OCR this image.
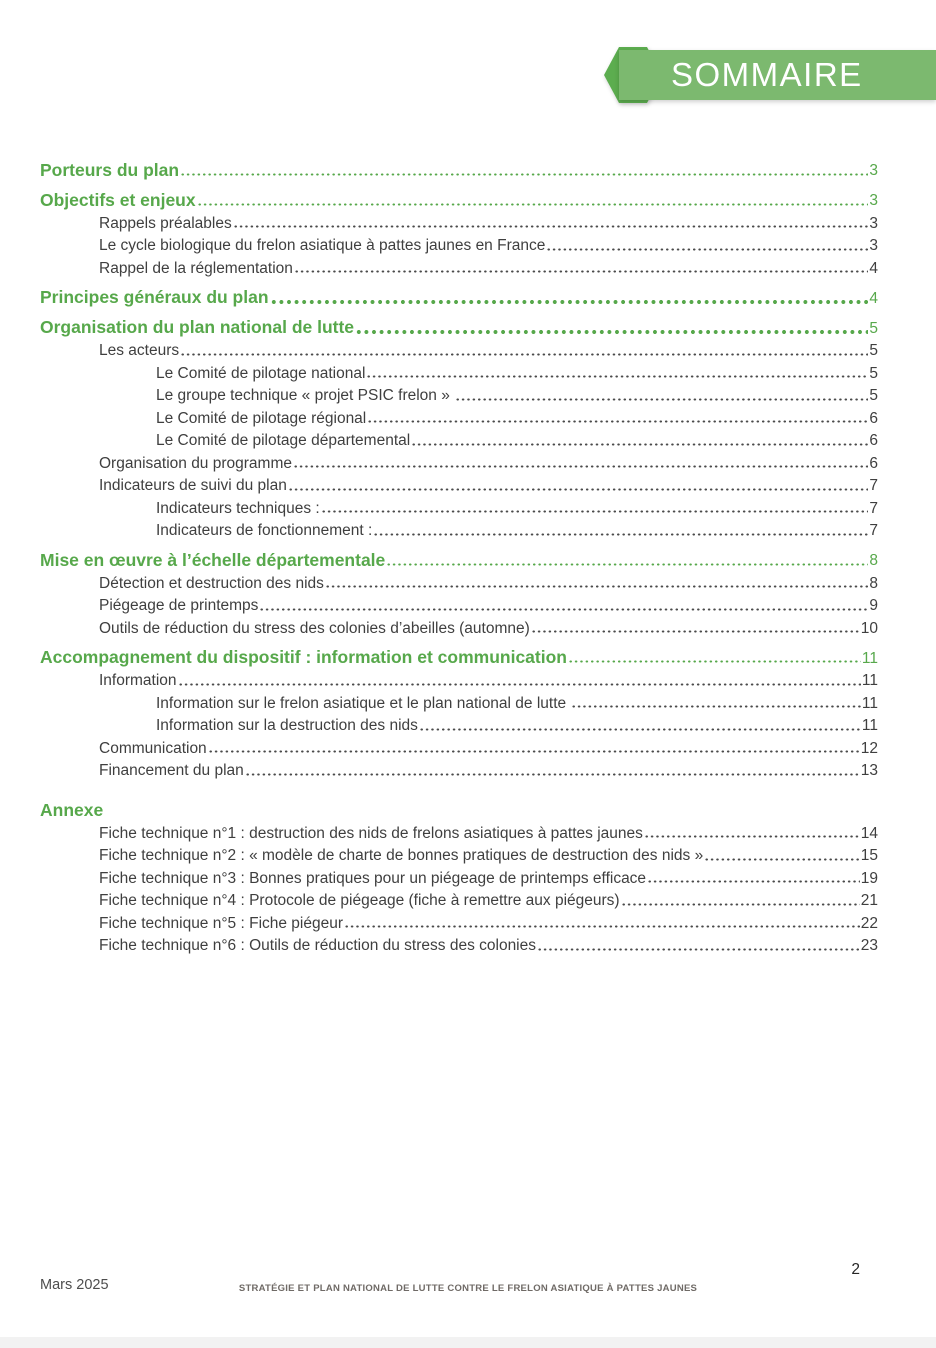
SOMMAIRE
Porteurs du plan	3
Objectifs et enjeux	3
Rappels préalables	3
Le cycle biologique du frelon asiatique à pattes jaunes en France	3
Rappel de la réglementation	4
Principes généraux du plan	4
Organisation du plan national de lutte	5
Les acteurs	5
Le Comité de pilotage national	5
Le groupe technique « projet PSIC frelon »	5
Le Comité de pilotage régional	6
Le Comité de pilotage départemental	6
Organisation du programme	6
Indicateurs de suivi du plan	7
Indicateurs techniques :	7
Indicateurs de fonctionnement :	7
Mise en œuvre à l’échelle départementale	8
Détection et destruction des nids	8
Piégeage de printemps	9
Outils de réduction du stress des colonies d’abeilles (automne)	10
Accompagnement du dispositif : information et communication	11
Information	11
Information sur le frelon asiatique et le plan national de lutte	11
Information sur la destruction des nids	11
Communication	12
Financement du plan	13
Annexe
Fiche technique n°1 : destruction des nids de frelons asiatiques à pattes jaunes	14
Fiche technique n°2 : « modèle de charte de bonnes pratiques de destruction des nids »	15
Fiche technique n°3 : Bonnes pratiques pour un piégeage de printemps efficace	19
Fiche technique n°4 : Protocole de piégeage (fiche à remettre aux piégeurs)	21
Fiche technique n°5 : Fiche piégeur	22
Fiche technique n°6 : Outils de réduction du stress des colonies	23
Mars 2025	STRATÉGIE ET PLAN NATIONAL DE LUTTE CONTRE LE FRELON ASIATIQUE À PATTES JAUNES
2
